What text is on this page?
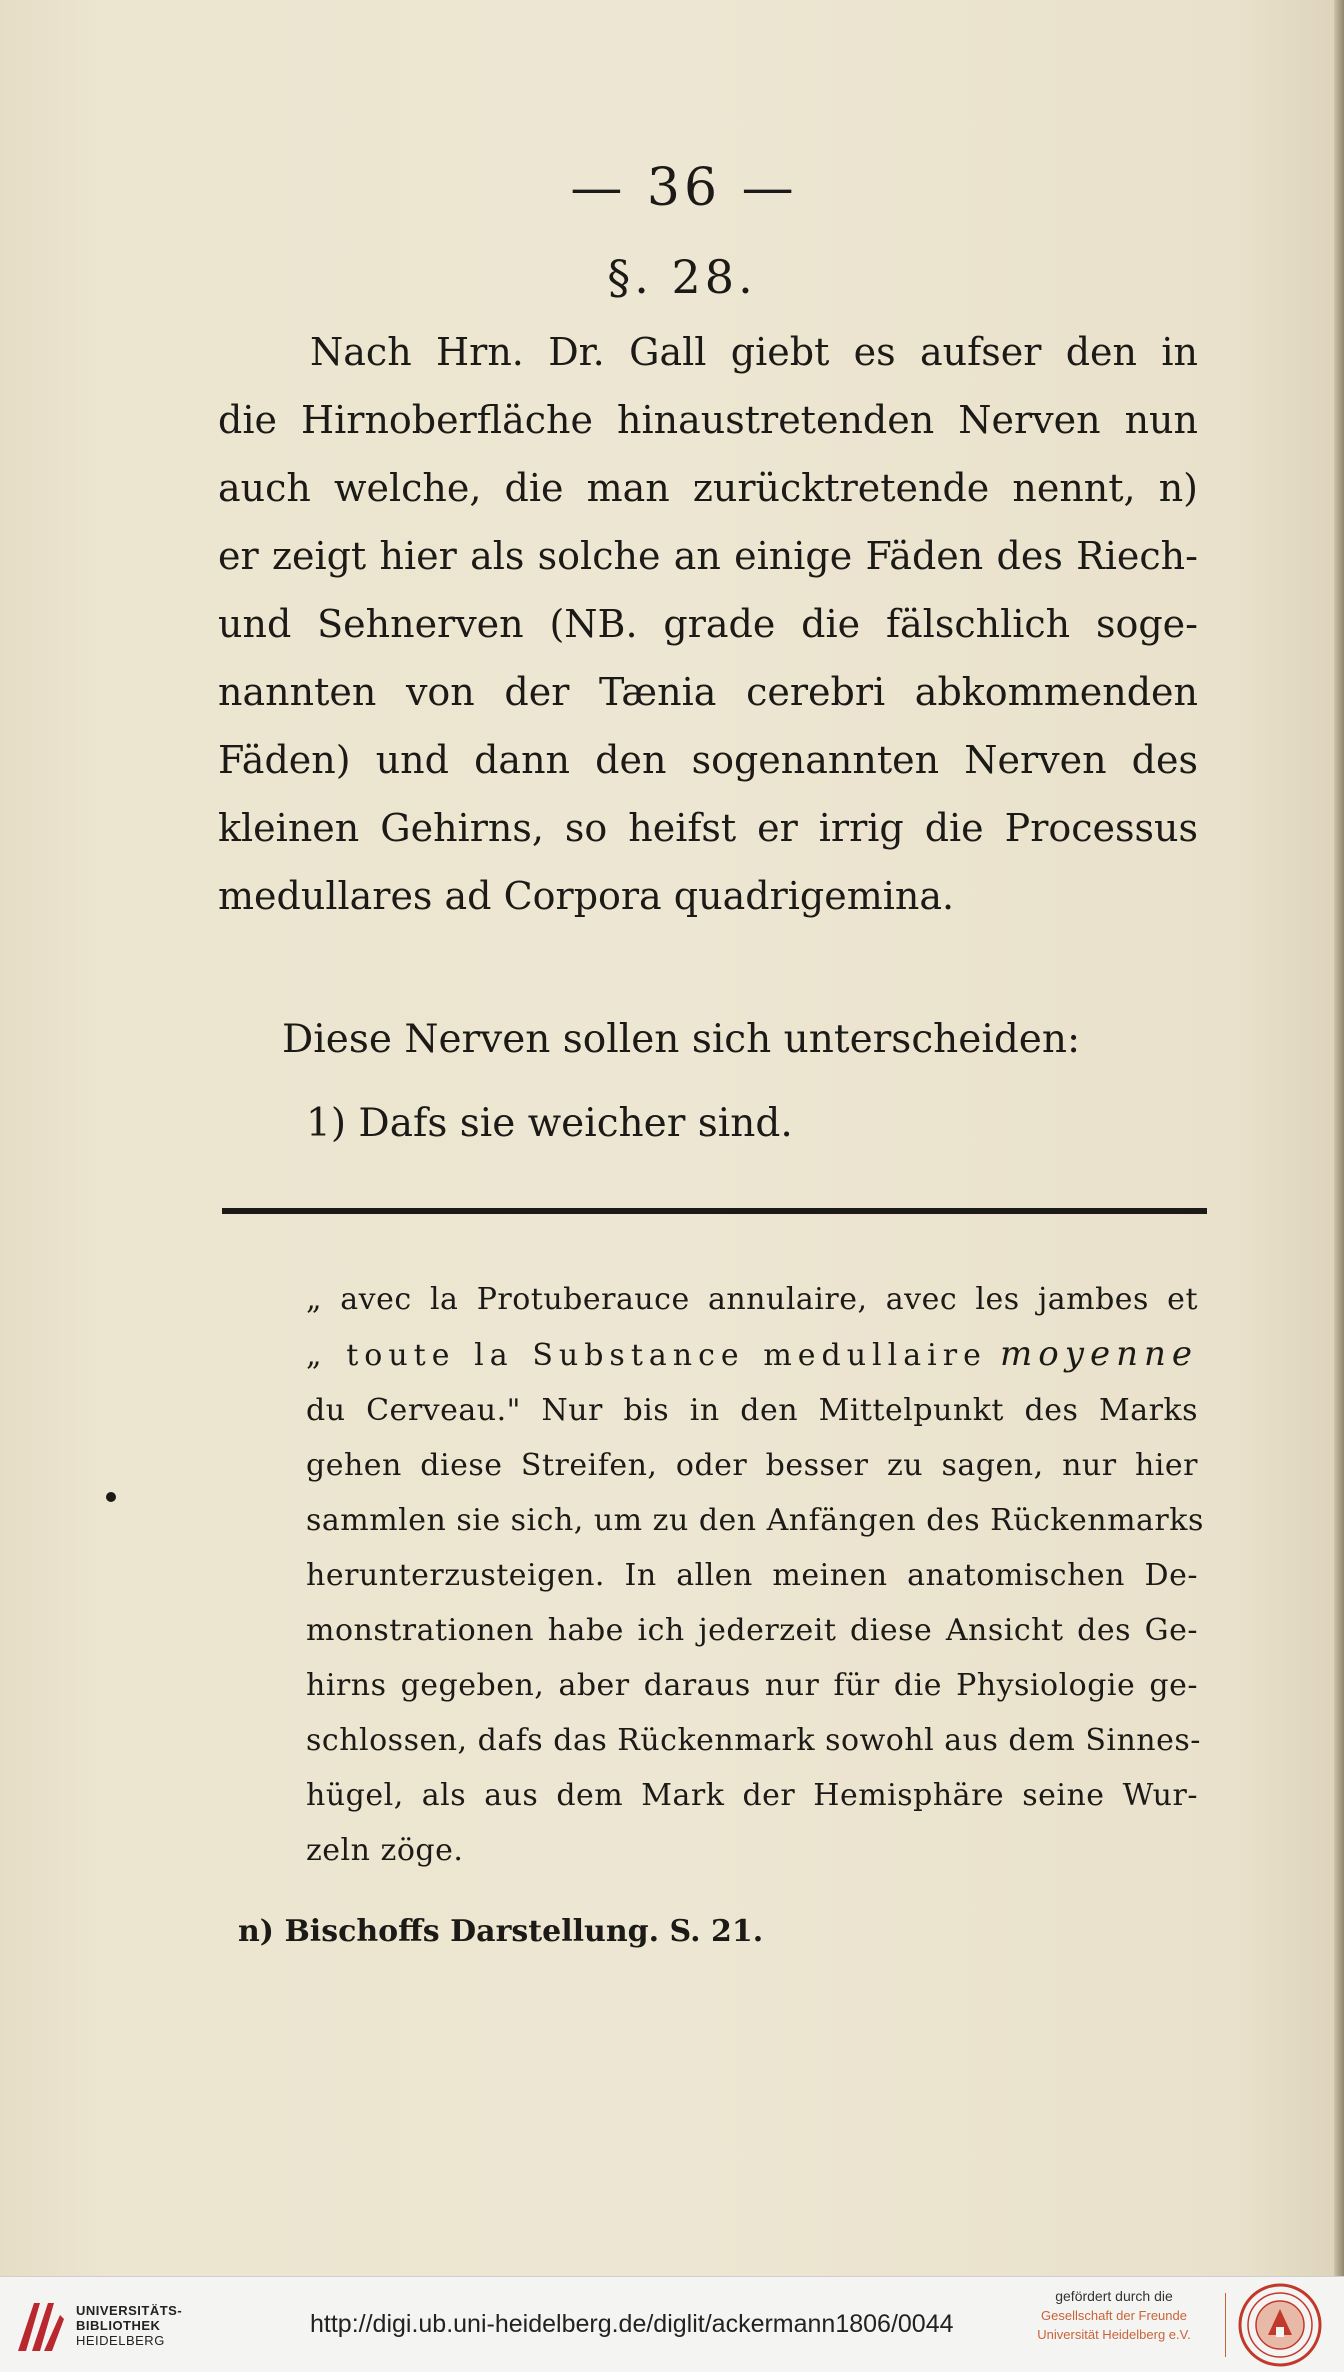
— 36 —
§. 28.
Nach Hrn. Dr. Gall giebt es aufser den in
die Hirnoberfläche hinaustretenden Nerven nun
auch welche, die man zurücktretende nennt, n)
er zeigt hier als solche an einige Fäden des Riech-
und Sehnerven (NB. grade die fälschlich soge-
nannten von der Tænia cerebri abkommenden
Fäden) und dann den sogenannten Nerven des
kleinen Gehirns, so heifst er irrig die Processus
medullares ad Corpora quadrigemina.
Diese Nerven sollen sich unterscheiden:
1) Dafs sie weicher sind.
„ avec la Protuberauce annulaire, avec les jambes et
„ toute la Substance medullaire moyenne
du Cerveau." Nur bis in den Mittelpunkt des Marks
gehen diese Streifen, oder besser zu sagen, nur hier
sammlen sie sich, um zu den Anfängen des Rückenmarks
herunterzusteigen. In allen meinen anatomischen De-
monstrationen habe ich jederzeit diese Ansicht des Ge-
hirns gegeben, aber daraus nur für die Physiologie ge-
schlossen, dafs das Rückenmark sowohl aus dem Sinnes-
hügel, als aus dem Mark der Hemisphäre seine Wur-
zeln zöge.
n) Bischoffs Darstellung. S. 21.
UNIVERSITÄTS-
BIBLIOTHEK
HEIDELBERG
http://digi.ub.uni-heidelberg.de/diglit/ackermann1806/0044
gefördert durch die
Gesellschaft der Freunde
Universität Heidelberg e.V.
